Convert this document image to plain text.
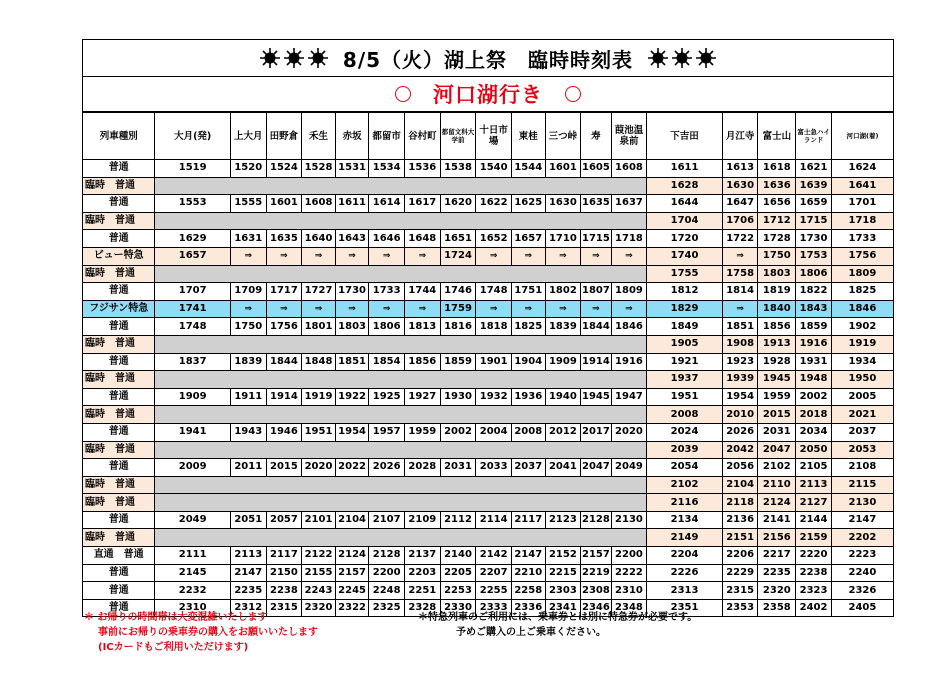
8/5（火）湖上祭　臨時時刻表
河口湖行き
列車種別	大月(発)	上大月	田野倉	禾生	赤坂	都留市	谷村町	都留文科大学前	十日市場	東桂	三つ峠	寿	葭池温泉前	下吉田	月江寺	富士山	富士急ハイランド	河口湖(着)
普通	1519	1520	1524	1528	1531	1534	1536	1538	1540	1544	1601	1605	1608	1611	1613	1618	1621	1624
臨時　普通														1628	1630	1636	1639	1641
普通	1553	1555	1601	1608	1611	1614	1617	1620	1622	1625	1630	1635	1637	1644	1647	1656	1659	1701
臨時　普通														1704	1706	1712	1715	1718
普通	1629	1631	1635	1640	1643	1646	1648	1651	1652	1657	1710	1715	1718	1720	1722	1728	1730	1733
ビュー特急	1657	⇒	⇒	⇒	⇒	⇒	⇒	1724	⇒	⇒	⇒	⇒	⇒	1740	⇒	1750	1753	1756
臨時　普通														1755	1758	1803	1806	1809
普通	1707	1709	1717	1727	1730	1733	1744	1746	1748	1751	1802	1807	1809	1812	1814	1819	1822	1825
フジサン特急	1741	⇒	⇒	⇒	⇒	⇒	⇒	1759	⇒	⇒	⇒	⇒	⇒	1829	⇒	1840	1843	1846
普通	1748	1750	1756	1801	1803	1806	1813	1816	1818	1825	1839	1844	1846	1849	1851	1856	1859	1902
臨時　普通														1905	1908	1913	1916	1919
普通	1837	1839	1844	1848	1851	1854	1856	1859	1901	1904	1909	1914	1916	1921	1923	1928	1931	1934
臨時　普通														1937	1939	1945	1948	1950
普通	1909	1911	1914	1919	1922	1925	1927	1930	1932	1936	1940	1945	1947	1951	1954	1959	2002	2005
臨時　普通														2008	2010	2015	2018	2021
普通	1941	1943	1946	1951	1954	1957	1959	2002	2004	2008	2012	2017	2020	2024	2026	2031	2034	2037
臨時　普通														2039	2042	2047	2050	2053
普通	2009	2011	2015	2020	2022	2026	2028	2031	2033	2037	2041	2047	2049	2054	2056	2102	2105	2108
臨時　普通														2102	2104	2110	2113	2115
臨時　普通														2116	2118	2124	2127	2130
普通	2049	2051	2057	2101	2104	2107	2109	2112	2114	2117	2123	2128	2130	2134	2136	2141	2144	2147
臨時　普通														2149	2151	2156	2159	2202
直通　普通	2111	2113	2117	2122	2124	2128	2137	2140	2142	2147	2152	2157	2200	2204	2206	2217	2220	2223
普通	2145	2147	2150	2155	2157	2200	2203	2205	2207	2210	2215	2219	2222	2226	2229	2235	2238	2240
普通	2232	2235	2238	2243	2245	2248	2251	2253	2255	2258	2303	2308	2310	2313	2315	2320	2323	2326
普通	2310	2312	2315	2320	2322	2325	2328	2330	2333	2336	2341	2346	2348	2351	2353	2358	2402	2405
＊ お帰りの時間帯は大変混雑いたします
事前にお帰りの乗車券の購入をお願いいたします
(ICカードもご利用いただけます)
＊特急列車のご利用には、乗車券とは別に特急券が必要です。
予めご購入の上ご乗車ください。
